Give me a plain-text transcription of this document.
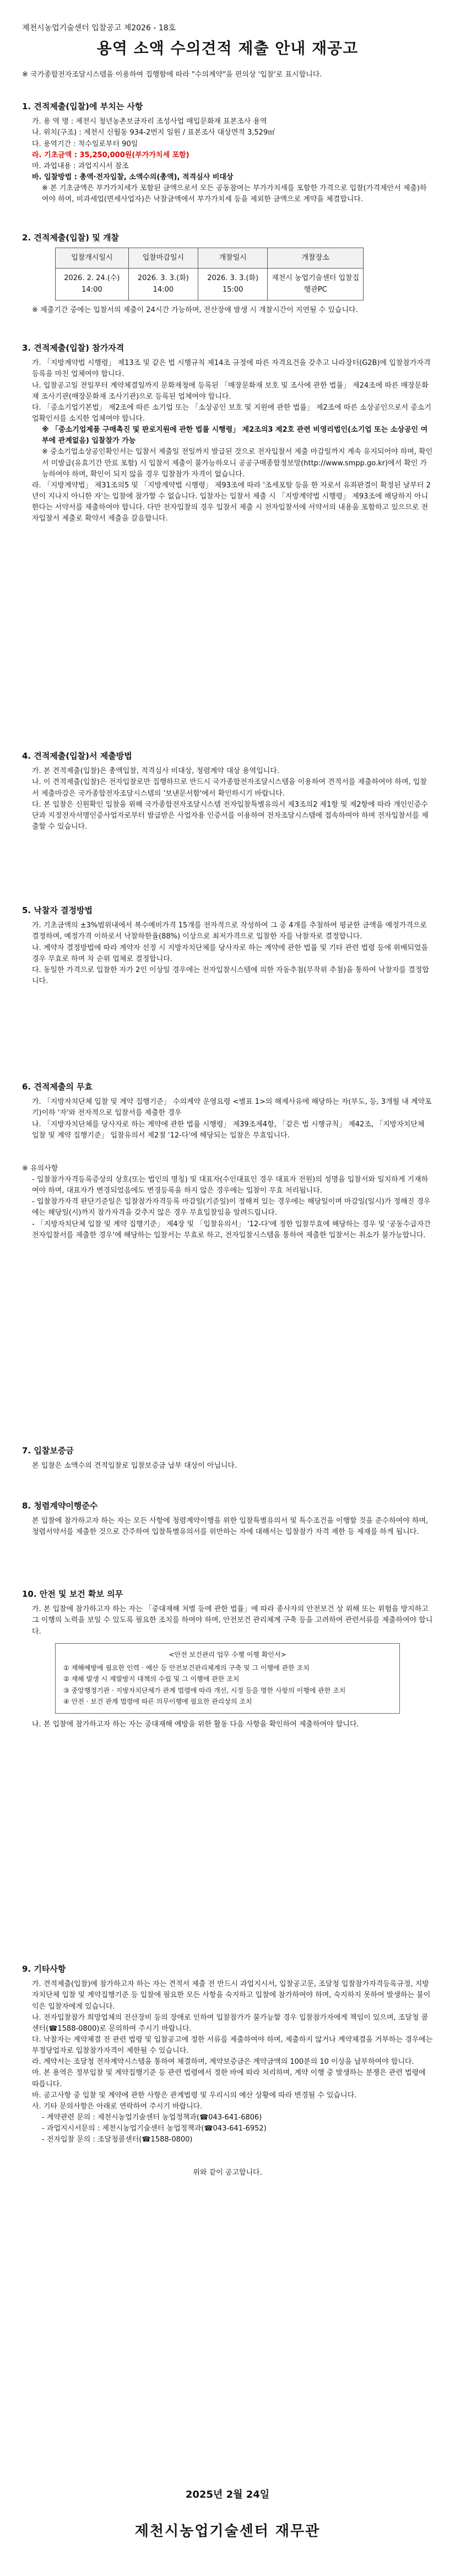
제천시농업기술센터 입찰공고 제2026 - 18호
용역 소액 수의견적 제출 안내 재공고
※ 국가종합전자조달시스템을 이용하여 집행함에 따라 "수의계약"을 편의상 '입찰'로 표시합니다.
1. 견적제출(입찰)에 부치는 사항

가. 용 역 명 : 제천시 청년농촌보금자리 조성사업 매입문화재 표본조사 용역

나. 위치(구조) : 제천시 신월동 934-2번지 일원 / 표본조사 대상면적 3,529㎡

다. 용역기간 : 착수일로부터 90일

라. 기초금액 : 35,250,000원(부가가치세 포함)

마. 과업내용 : 과업지시서 참조

바. 입찰방법 : 총액·전자입찰, 소액수의(총액), 적격심사 비대상

※ 본 기초금액은 부가가치세가 포함된 금액으로서 모든 공동참여는 부가가치세를 포함한 가격으로 입찰(가격제안서 제출)하여야 하며, 비과세업(면세사업자)은 낙찰금액에서 부가가치세 등을 제외한 금액으로 계약을 체결합니다.

2. 견적제출(입찰) 및 개찰
입찰개시일시	입찰마감일시	개찰일시	개찰장소
2026. 2. 24.(수) 14:00	2026. 3. 3.(화) 14:00	2026. 3. 3.(화) 15:00	제천시 농업기술센터 입찰집행관PC

※ 제출기간 중에는 입찰서의 제출이 24시간 가능하며, 전산장애 발생 시 개찰시간이 지연될 수 있습니다.

3. 견적제출(입찰) 참가자격

가. 「지방계약법 시행령」 제13조 및 같은 법 시행규칙 제14조 규정에 따른 자격요건을 갖추고 나라장터(G2B)에 입찰참가자격 등록을 마친 업체여야 합니다.

나. 입찰공고일 전일부터 계약체결일까지 문화재청에 등록된 「매장문화재 보호 및 조사에 관한 법률」 제24조에 따른 매장문화재 조사기관(매장문화재 조사기관)으로 등록된 업체여야 합니다.

다. 「중소기업기본법」 제2조에 따른 소기업 또는 「소상공인 보호 및 지원에 관한 법률」 제2조에 따른 소상공인으로서 중소기업확인서를 소지한 업체여야 합니다.

※ 「중소기업제품 구매촉진 및 판로지원에 관한 법률 시행령」 제2조의3 제2호 관련 비영리법인(소기업 또는 소상공인 여부에 관계없음) 입찰참가 가능

※ 중소기업소상공인확인서는 입찰서 제출일 전일까지 발급된 것으로 전자입찰서 제출 마감일까지 계속 유지되어야 하며, 확인서 미발급(유효기간 만료 포함) 시 입찰서 제출이 불가능하오니 공공구매종합정보망(http://www.smpp.go.kr)에서 확인 가능하여야 하며, 확인이 되지 않을 경우 입찰참가 자격이 없습니다.

라. 「지방계약법」 제31조의5 및 「지방계약법 시행령」 제93조에 따라 '조세포탈 등을 한 자로서 유죄판결이 확정된 날부터 2년이 지나지 아니한 자'는 입찰에 참가할 수 없습니다. 입찰자는 입찰서 제출 시 「지방계약법 시행령」 제93조에 해당하지 아니한다는 서약서를 제출하여야 합니다. 다만 전자입찰의 경우 입찰서 제출 시 전자입찰서에 서약서의 내용을 포함하고 있으므로 전자입찰서 제출로 확약서 제출을 갈음합니다.

4. 견적제출(입찰)서 제출방법

가. 본 견적제출(입찰)은 총액입찰, 적격심사 비대상, 청렴계약 대상 용역입니다.

나. 이 견적제출(입찰)은 전자입찰로만 집행하므로 반드시 국가종합전자조달시스템을 이용하여 견적서를 제출하여야 하며, 입찰서 제출마감은 국가종합전자조달시스템의 '보낸문서함'에서 확인하시기 바랍니다.

다. 본 입찰은 신원확인 입찰을 위해 국가종합전자조달시스템 전자입찰특별유의서 제3조의2 제1항 및 제2항에 따라 개인인증수단과 지정전자서명인증사업자로부터 발급받은 사업자용 인증서를 이용하여 전자조달시스템에 접속하여야 하며 전자입찰서를 제출할 수 있습니다.

5. 낙찰자 결정방법

가. 기초금액의 ±3%범위내에서 복수예비가격 15개를 전자적으로 작성하여 그 중 4개를 추첨하여 평균한 금액을 예정가격으로 결정하며, 예정가격 이하로서 낙찰하한율(88%) 이상으로 최저가격으로 입찰한 자를 낙찰자로 결정합니다.

나. 계약자 결정방법에 따라 계약자 선정 시 지방자치단체를 당사자로 하는 계약에 관한 법률 및 기타 관련 법령 등에 위배되었을 경우 무효로 하며 차 순위 업체로 결정합니다.

다. 동일한 가격으로 입찰한 자가 2인 이상일 경우에는 전자입찰시스템에 의한 자동추첨(무작위 추첨)을 통하여 낙찰자를 결정합니다.

6. 견적제출의 무효

가. 「지방자치단체 입찰 및 계약 집행기준」 수의계약 운영요령 <별표 1>의 해제사유에 해당하는 자(부도, 등, 3개월 내 계약포기)이하 '자'와 전자적으로 입찰서를 제출한 경우

나. 「지방자치단체를 당사자로 하는 계약에 관한 법률 시행령」 제39조제4항, 「같은 법 시행규칙」 제42조, 「지방자치단체 입찰 및 계약 집행기준」 입찰유의서 제2절 '12-다'에 해당되는 입찰은 무효입니다.

※ 유의사항

- 입찰참가자격등록증상의 상호(또는 법인의 명칭) 및 대표자(수인대표인 경우 대표자 전원)의 성명을 입찰서와 일치하게 기재하여야 하며, 대표자가 변경되었음에도 변경등록을 하지 않은 경우에는 입찰이 무효 처리됩니다.

- 입찰참가자격 판단기준일은 입찰참가자격등록 마감일(기준일)이 정해져 있는 경우에는 해당일이며 마감일(일시)가 정해진 경우에는 해당일(시)까지 참가자격을 갖추지 않은 경우 무효입찰임을 알려드립니다.

- 「지방자치단체 입찰 및 계약 집행기준」 제4장 및 「입찰유의서」 '12-다'에 정한 입찰무효에 해당하는 경우 및 '공동수급자간 전자입찰서를 제출한 경우'에 해당하는 입찰서는 무효로 하고, 전자입찰시스템을 통하여 제출한 입찰서는 취소가 불가능합니다.

7. 입찰보증금

본 입찰은 소액수의 견적입찰로 입찰보증금 납부 대상이 아닙니다.

8. 청렴계약이행준수

본 입찰에 참가하고자 하는 자는 모든 사항에 청렴계약이행을 위한 입찰특별유의서 및 특수조건을 이행할 것을 준수하여야 하며, 청렴서약서를 제출한 것으로 간주하여 입찰특별유의서를 위반하는 자에 대해서는 입찰참가 자격 제한 등 제재를 하게 됩니다.

10. 안전 및 보건 확보 의무

가. 본 입찰에 참가하고자 하는 자는 「중대재해 처벌 등에 관한 법률」에 따라 종사자의 안전보건 상 위해 또는 위험을 방지하고 그 이행의 노력을 보일 수 있도록 필요한 조치를 하여야 하며, 안전보건 관리체계 구축 등을 고려하여 관련서류를 제출하여야 합니다.

<안전 보건관리 업무 수행 이행 확인서>
① 재해예방에 필요한 인력 · 예산 등 안전보건관리체계의 구축 및 그 이행에 관한 조치
② 재해 발생 시 재발방지 대책의 수립 및 그 이행에 관한 조치
③ 중앙행정기관 · 지방자치단체가 관계 법령에 따라 개선, 시정 등을 명한 사항의 이행에 관한 조치
④ 안전 · 보건 관계 법령에 따른 의무이행에 필요한 관리상의 조치

나. 본 입찰에 참가하고자 하는 자는 중대재해 예방을 위한 활동 다음 사항을 확인하여 제출하여야 합니다.

9. 기타사항

가. 견적제출(입찰)에 참가하고자 하는 자는 견적서 제출 전 반드시 과업지시서, 입찰공고문, 조달청 입찰참가자격등록규정, 지방자치단체 입찰 및 계약집행기준 등 입찰에 필요한 모든 사항을 숙지하고 입찰에 참가하여야 하며, 숙지하지 못하여 발생하는 불이익은 입찰자에게 있습니다.

나. 전자입찰참가 희망업체의 전산장비 등의 장애로 인하여 입찰참가가 불가능할 경우 입찰참가자에게 책임이 있으며, 조달청 콜센터(☎1588-0800)로 문의하여 주시기 바랍니다.

다. 낙찰자는 계약체결 전 관련 법령 및 입찰공고에 정한 서류를 제출하여야 하며, 제출하지 않거나 계약체결을 거부하는 경우에는 부정당업자로 입찰참가자격이 제한될 수 있습니다.

라. 계약서는 조달청 전자계약시스템을 통하여 체결하며, 계약보증금은 계약금액의 100분의 10 이상을 납부하여야 합니다.

마. 본 용역은 정부입찰 및 계약집행기준 등 관련 법령에서 정한 바에 따라 처리하며, 계약 이행 중 발생하는 분쟁은 관련 법령에 따릅니다.

바. 공고사항 중 입찰 및 계약에 관한 사항은 관계법령 및 우리시의 예산 상황에 따라 변경될 수 있습니다.

사. 기타 문의사항은 아래로 연락하여 주시기 바랍니다.

- 계약관련 문의 : 제천시농업기술센터 농업정책과(☎043-641-6806)

- 과업지시서문의 : 제천시농업기술센터 농업정책과(☎043-641-6952)

- 전자입찰 문의 : 조달청콜센터(☎1588-0800)

위와 같이 공고합니다.

2025년 2월 24일
제천시농업기술센터 재무관
